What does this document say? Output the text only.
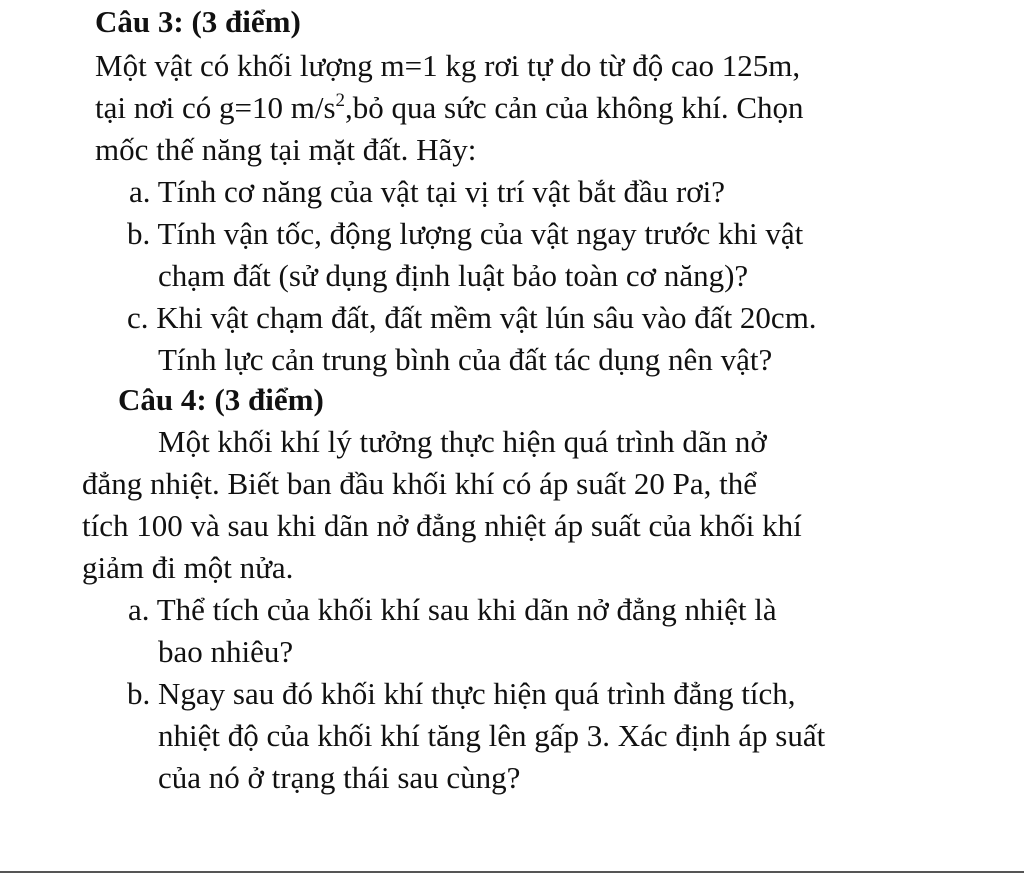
Câu 3: (3 điểm)
Một vật có khối lượng m=1 kg rơi tự do từ độ cao 125m,
tại nơi có g=10 $m/s^2,bỏ$ qua sức cản của không khí. Chọn
mốc thế năng tại mặt đất. Hãy:
a. Tính cơ năng của vật tại vị trí vật bắt đầu rơi?
b. Tính vận tốc, động lượng của vật ngay trước khi vật
chạm đất (sử dụng định luật bảo toàn cơ năng)?
c. Khi vật chạm đất, đất mềm vật lún sâu vào đất 20cm.
Tính lực cản trung bình của đất tác dụng nên vật?
Câu 4: (3 điểm)
Một khối khí lý tưởng thực hiện quá trình dãn nở
đẳng nhiệt. Biết ban đầu khối khí có áp suất 20 Pa, thể
tích 100 và sau khi dãn nở đẳng nhiệt áp suất của khối khí
giảm đi một nửa.
a. Thể tích của khối khí sau khi dãn nở đẳng nhiệt là
bao nhiêu?
b. Ngay sau đó khối khí thực hiện quá trình đẳng tích,
nhiệt độ của khối khí tăng lên gấp 3. Xác định áp suất
của nó ở trạng thái sau cùng?
